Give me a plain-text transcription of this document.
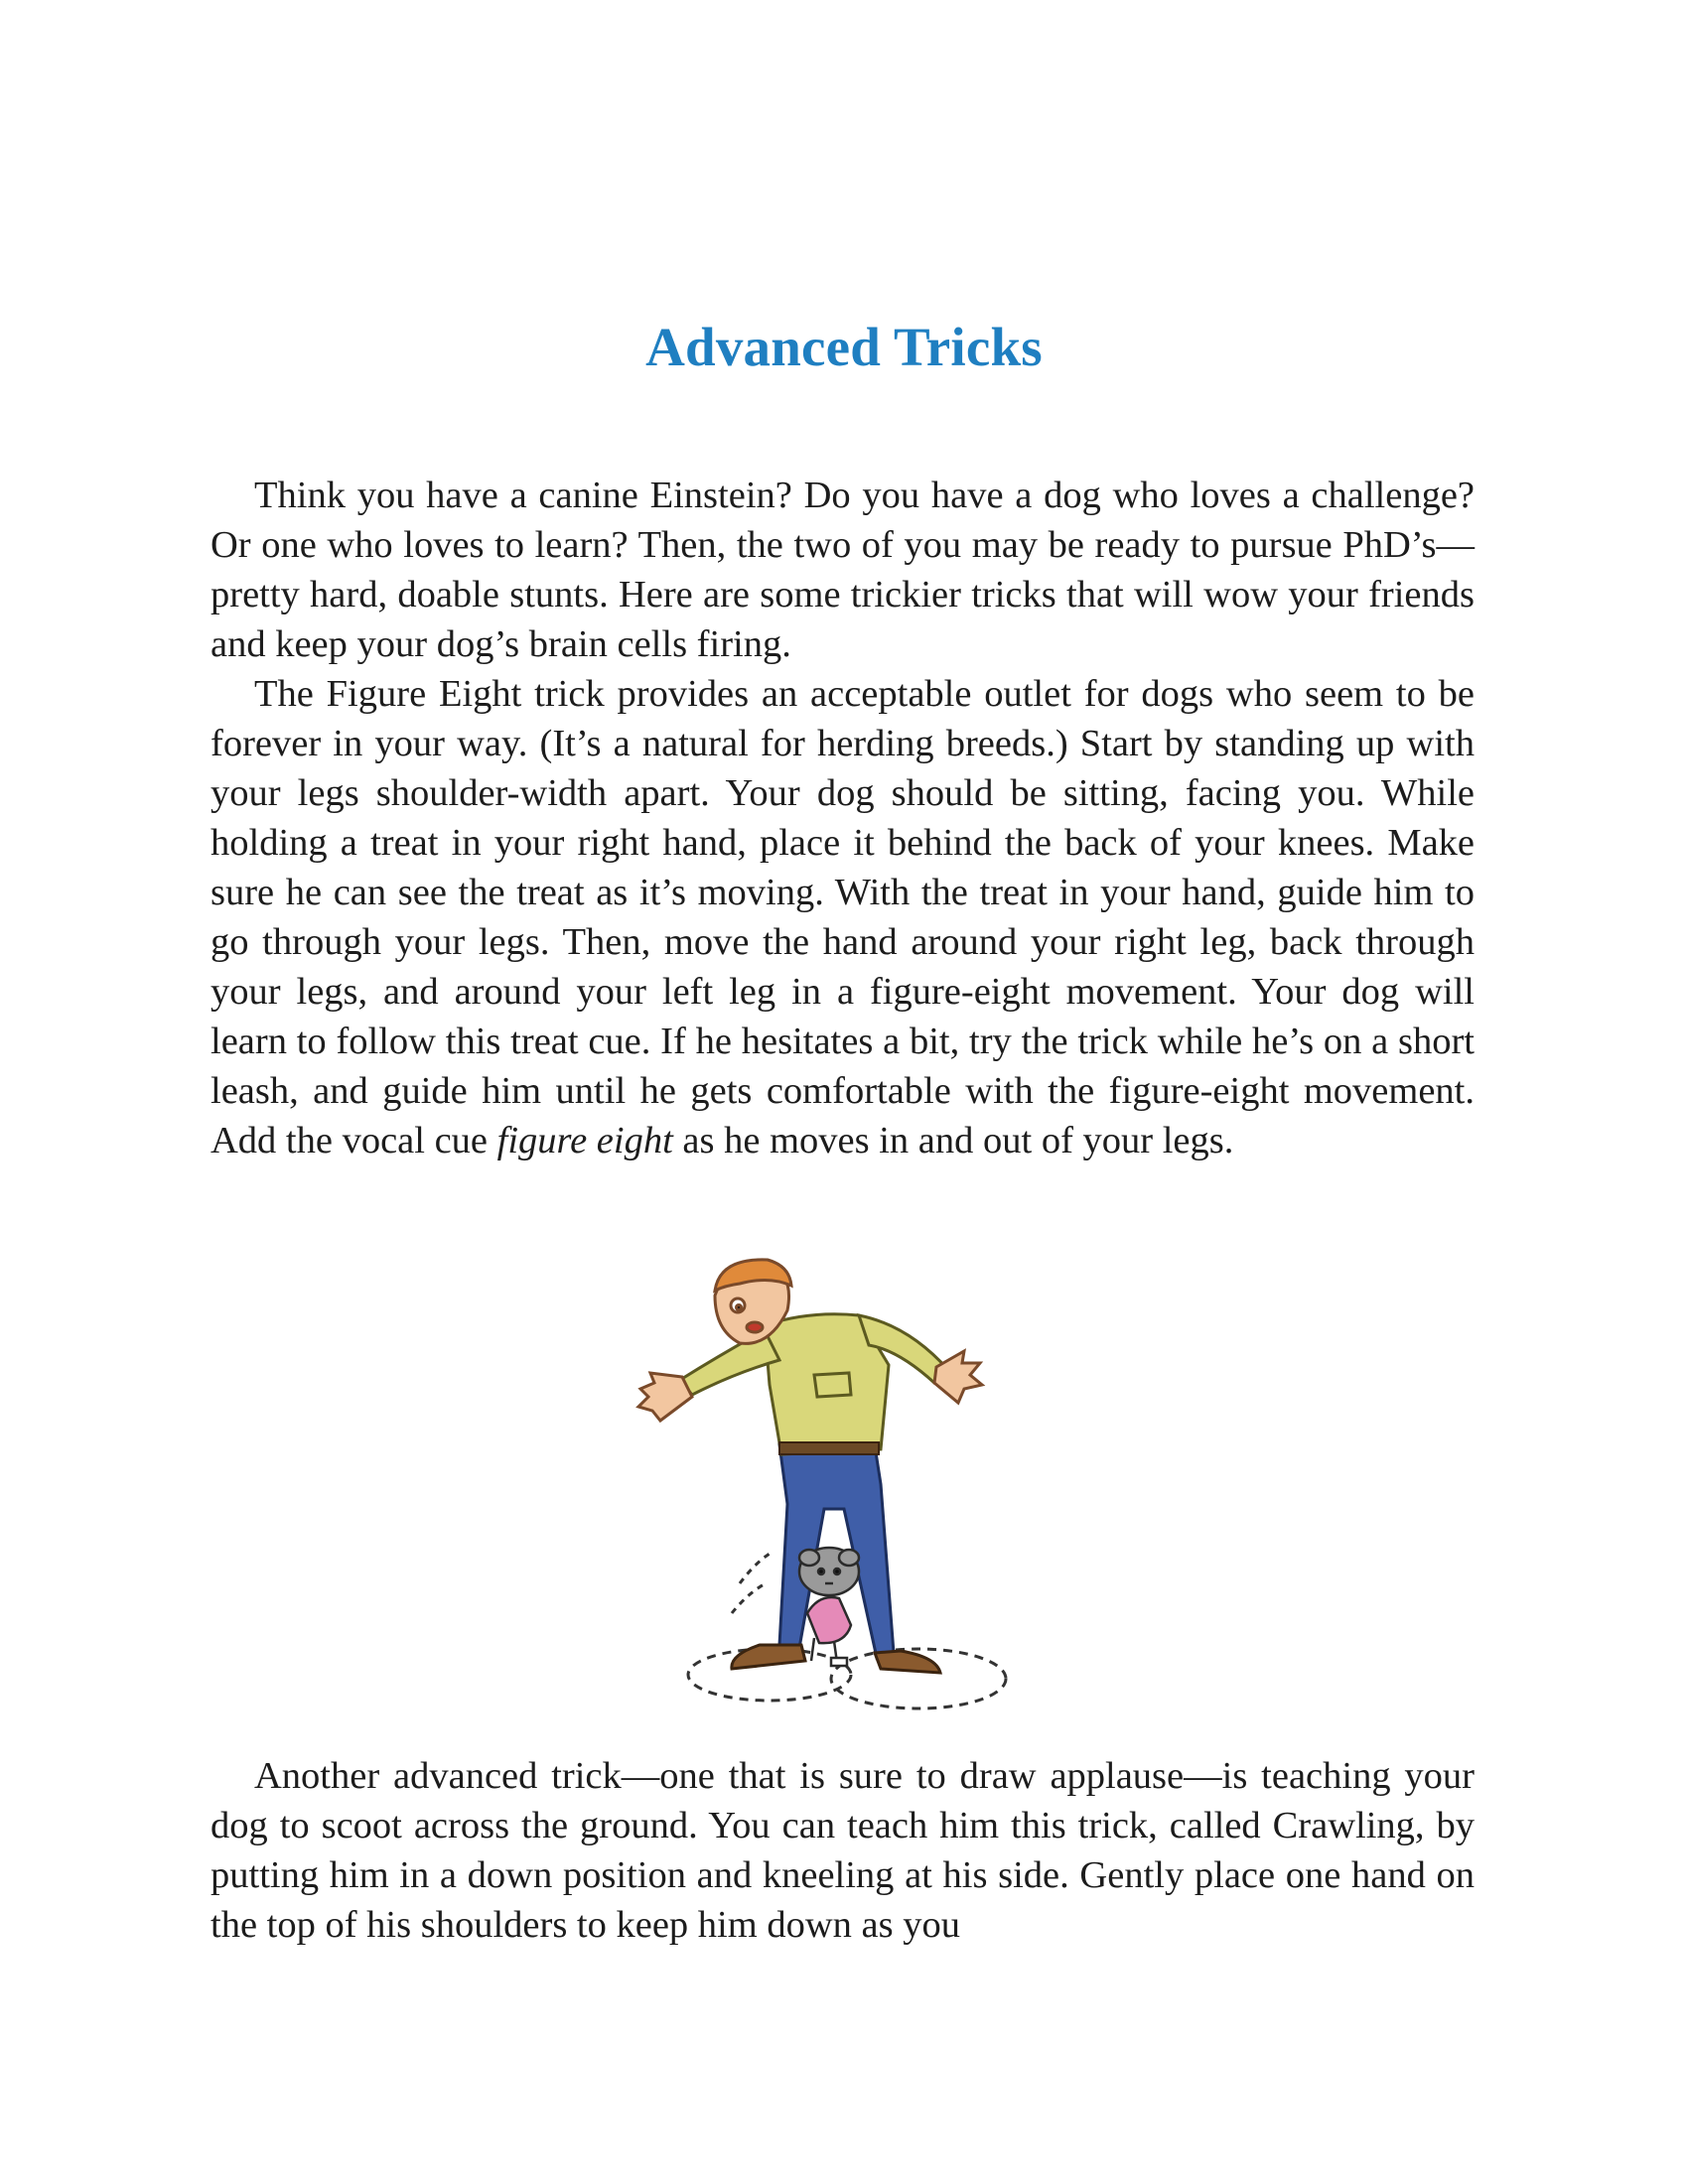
Advanced Tricks

Think you have a canine Einstein? Do you have a dog who loves a challenge? Or one who loves to learn? Then, the two of you may be ready to pursue PhD’s—pretty hard, doable stunts. Here are some trickier tricks that will wow your friends and keep your dog’s brain cells firing.

The Figure Eight trick provides an acceptable outlet for dogs who seem to be forever in your way. (It’s a natural for herding breeds.) Start by standing up with your legs shoulder-width apart. Your dog should be sitting, facing you. While holding a treat in your right hand, place it behind the back of your knees. Make sure he can see the treat as it’s moving. With the treat in your hand, guide him to go through your legs. Then, move the hand around your right leg, back through your legs, and around your left leg in a figure-eight movement. Your dog will learn to follow this treat cue. If he hesitates a bit, try the trick while he’s on a short leash, and guide him until he gets comfortable with the figure-eight movement. Add the vocal cue figure eight as he moves in and out of your legs.

Another advanced trick—one that is sure to draw applause—is teaching your dog to scoot across the ground. You can teach him this trick, called Crawling, by putting him in a down position and kneeling at his side. Gently place one hand on the top of his shoulders to keep him down as you
